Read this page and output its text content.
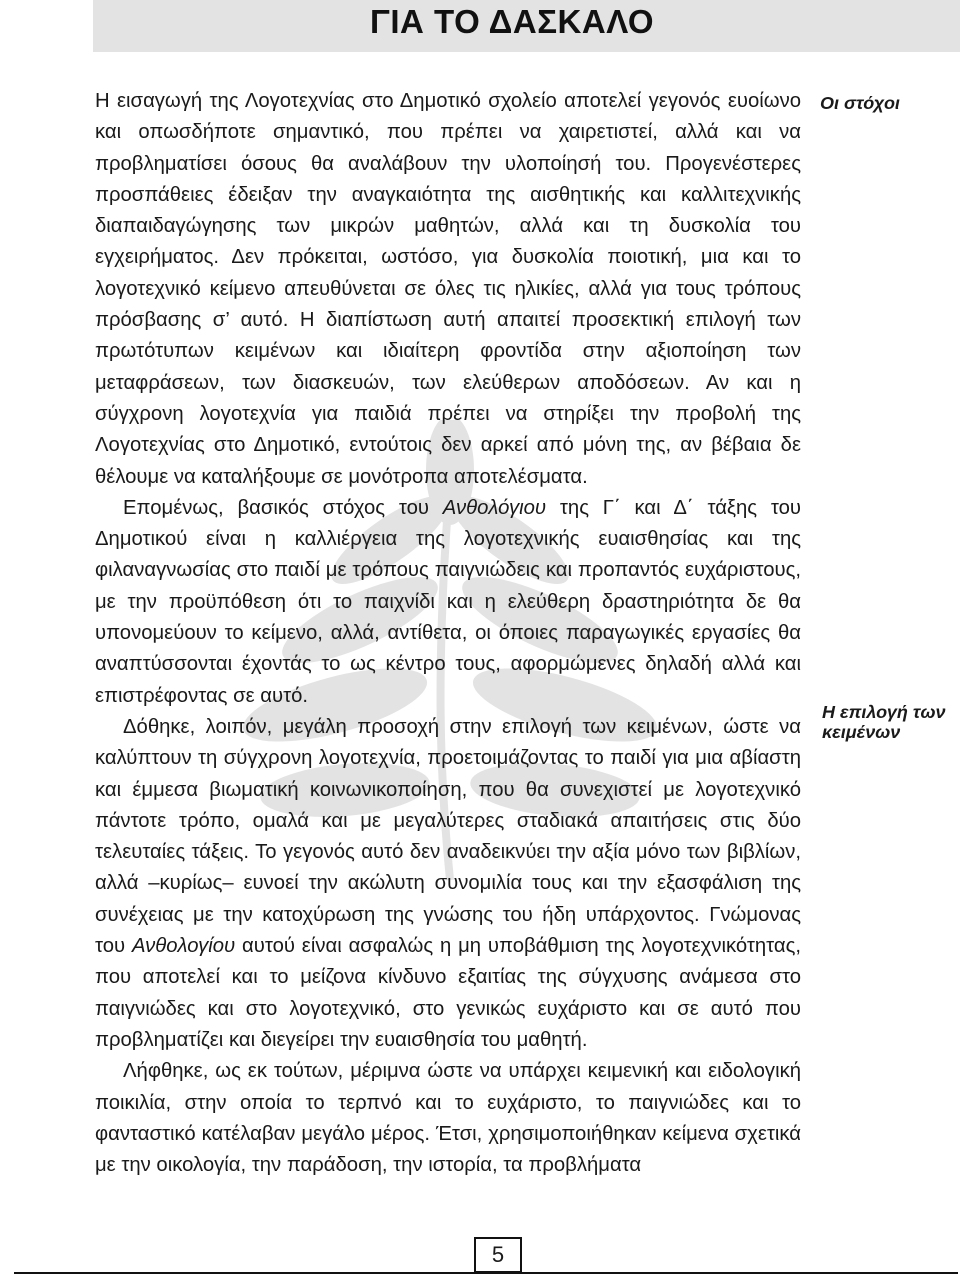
ΓΙΑ ΤΟ ΔΑΣΚΑΛΟ
Οι στόχοι
Η επιλογή των κειμένων

Η εισαγωγή της Λογοτεχνίας στο Δημοτικό σχολείο αποτελεί γεγονός ευοίωνο και οπωσδήποτε σημαντικό, που πρέπει να χαιρετιστεί, αλλά και να προβληματίσει όσους θα αναλάβουν την υλοποίησή του. Προγενέστερες προσπάθειες έδειξαν την αναγκαιότητα της αισθητικής και καλλιτεχνικής διαπαιδαγώγησης των μικρών μαθητών, αλλά και τη δυσκολία του εγχειρήματος. Δεν πρόκειται, ωστόσο, για δυσκολία ποιοτική, μια και το λογοτεχνικό κείμενο απευθύνεται σε όλες τις ηλικίες, αλλά για τους τρόπους πρόσβασης σ’ αυτό. Η διαπίστωση αυτή απαιτεί προσεκτική επιλογή των πρωτότυπων κειμένων και ιδιαίτερη φροντίδα στην αξιοποίηση των μεταφράσεων, των διασκευών, των ελεύθερων αποδόσεων. Αν και η σύγχρονη λογοτεχνία για παιδιά πρέπει να στηρίξει την προβολή της Λογοτεχνίας στο Δημοτικό, εντούτοις δεν αρκεί από μόνη της, αν βέβαια δε θέλουμε να καταλήξουμε σε μονότροπα αποτελέσματα.

Επομένως, βασικός στόχος του Ανθολόγιου της Γ΄ και Δ΄ τάξης του Δημοτικού είναι η καλλιέργεια της λογοτεχνικής ευαισθησίας και της φιλαναγνωσίας στο παιδί με τρόπους παιγνιώδεις και προπαντός ευχάριστους, με την προϋπόθεση ότι το παιχνίδι και η ελεύθερη δραστηριότητα δε θα υπονομεύουν το κείμενο, αλλά, αντίθετα, οι όποιες παραγωγικές εργασίες θα αναπτύσσονται έχοντάς το ως κέντρο τους, αφορμώμενες δηλαδή αλλά και επιστρέφοντας σε αυτό.

Δόθηκε, λοιπόν, μεγάλη προσοχή στην επιλογή των κειμένων, ώστε να καλύπτουν τη σύγχρονη λογοτεχνία, προετοιμάζοντας το παιδί για μια αβίαστη και έμμεσα βιωματική κοινωνικοποίηση, που θα συνεχιστεί με λογοτεχνικό πάντοτε τρόπο, ομαλά και με μεγαλύτερες σταδιακά απαιτήσεις στις δύο τελευταίες τάξεις. Το γεγονός αυτό δεν αναδεικνύει την αξία μόνο των βιβλίων, αλλά –κυρίως– ευνοεί την ακώλυτη συνομιλία τους και την εξασφάλιση της συνέχειας με την κατοχύρωση της γνώσης του ήδη υπάρχοντος. Γνώμονας του Ανθολογίου αυτού είναι ασφαλώς η μη υποβάθμιση της λογοτεχνικότητας, που αποτελεί και το μείζονα κίνδυνο εξαιτίας της σύγχυσης ανάμεσα στο παιγνιώδες και στο λογοτεχνικό, στο γενικώς ευχάριστο και σε αυτό που προβληματίζει και διεγείρει την ευαισθησία του μαθητή.

Λήφθηκε, ως εκ τούτων, μέριμνα ώστε να υπάρχει κειμενική και ειδολογική ποικιλία, στην οποία το τερπνό και το ευχάριστο, το παιγνιώδες και το φανταστικό κατέλαβαν μεγάλο μέρος. Έτσι, χρησιμοποιήθηκαν κείμενα σχετικά με την οικολογία, την παράδοση, την ιστορία, τα προβλήματα

5
